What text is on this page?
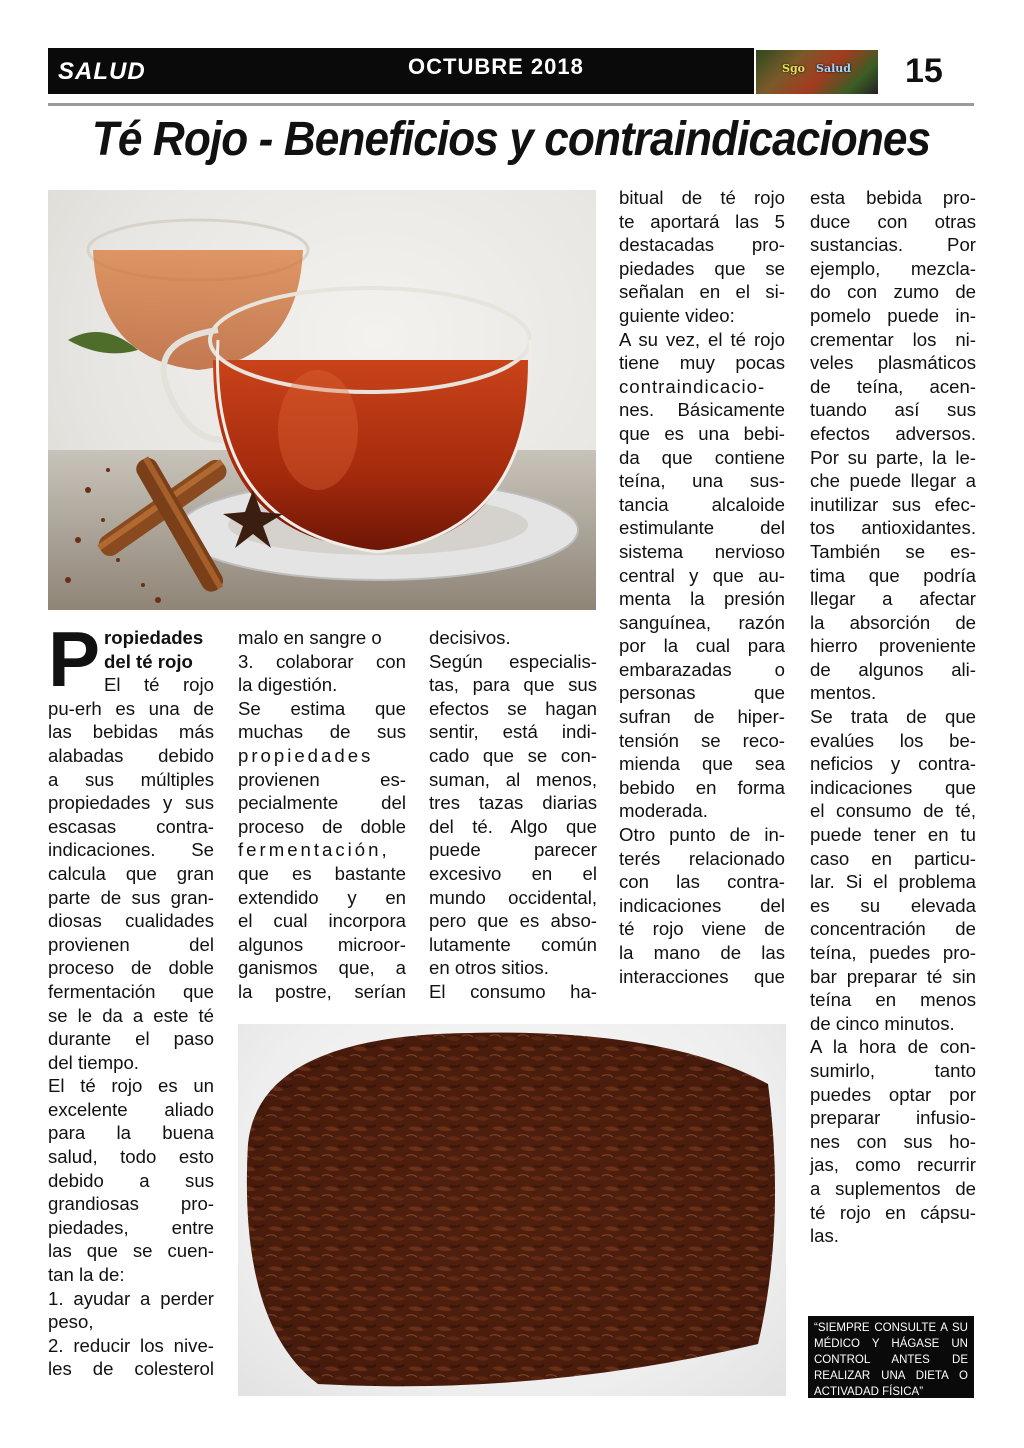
SALUD	OCTUBRE 2018	Sgo Salud 15
Té Rojo - Beneficios y contraindicaciones
P ropiedades

del té rojo

El té rojo

pu-erh es una de

las bebidas más

alabadas debido

a sus múltiples

propiedades y sus

escasas contra-

indicaciones. Se

calcula que gran

parte de sus gran-

diosas cualidades

provienen del

proceso de doble

fermentación que

se le da a este té

durante el paso

del tiempo.

El té rojo es un

excelente aliado

para la buena

salud, todo esto

debido a sus

grandiosas pro-

piedades, entre

las que se cuen-

tan la de:

1. ayudar a perder

peso,

2. reducir los nive-

les de colesterol

malo en sangre o

3. colaborar con

la digestión.

Se estima que

muchas de sus

propiedades

provienen es-

pecialmente del

proceso de doble

fermentación,

que es bastante

extendido y en

el cual incorpora

algunos microor-

ganismos que, a

la postre, serían

decisivos.

Según especialis-

tas, para que sus

efectos se hagan

sentir, está indi-

cado que se con-

suman, al menos,

tres tazas diarias

del té. Algo que

puede parecer

excesivo en el

mundo occidental,

pero que es abso-

lutamente común

en otros sitios.

El consumo ha-

bitual de té rojo

te aportará las 5

destacadas pro-

piedades que se

señalan en el si-

guiente video:

A su vez, el té rojo

tiene muy pocas

contraindicacio-

nes. Básicamente

que es una bebi-

da que contiene

teína, una sus-

tancia alcaloide

estimulante del

sistema nervioso

central y que au-

menta la presión

sanguínea, razón

por la cual para

embarazadas o

personas que

sufran de hiper-

tensión se reco-

mienda que sea

bebido en forma

moderada.

Otro punto de in-

terés relacionado

con las contra-

indicaciones del

té rojo viene de

la mano de las

interacciones que

esta bebida pro-

duce con otras

sustancias. Por

ejemplo, mezcla-

do con zumo de

pomelo puede in-

crementar los ni-

veles plasmáticos

de teína, acen-

tuando así sus

efectos adversos.

Por su parte, la le-

che puede llegar a

inutilizar sus efec-

tos antioxidantes.

También se es-

tima que podría

llegar a afectar

la absorción de

hierro proveniente

de algunos ali-

mentos.

Se trata de que

evalúes los be-

neficios y contra-

indicaciones que

el consumo de té,

puede tener en tu

caso en particu-

lar. Si el problema

es su elevada

concentración de

teína, puedes pro-

bar preparar té sin

teína en menos

de cinco minutos.

A la hora de con-

sumirlo, tanto

puedes optar por

preparar infusio-

nes con sus ho-

jas, como recurrir

a suplementos de

té rojo en cápsu-

las.

“SIEMPRE CONSULTE A SU MÉDICO Y HÁGASE UN CONTROL ANTES DE REALIZAR UNA DIETA O ACTIVADAD FÍSICA”
